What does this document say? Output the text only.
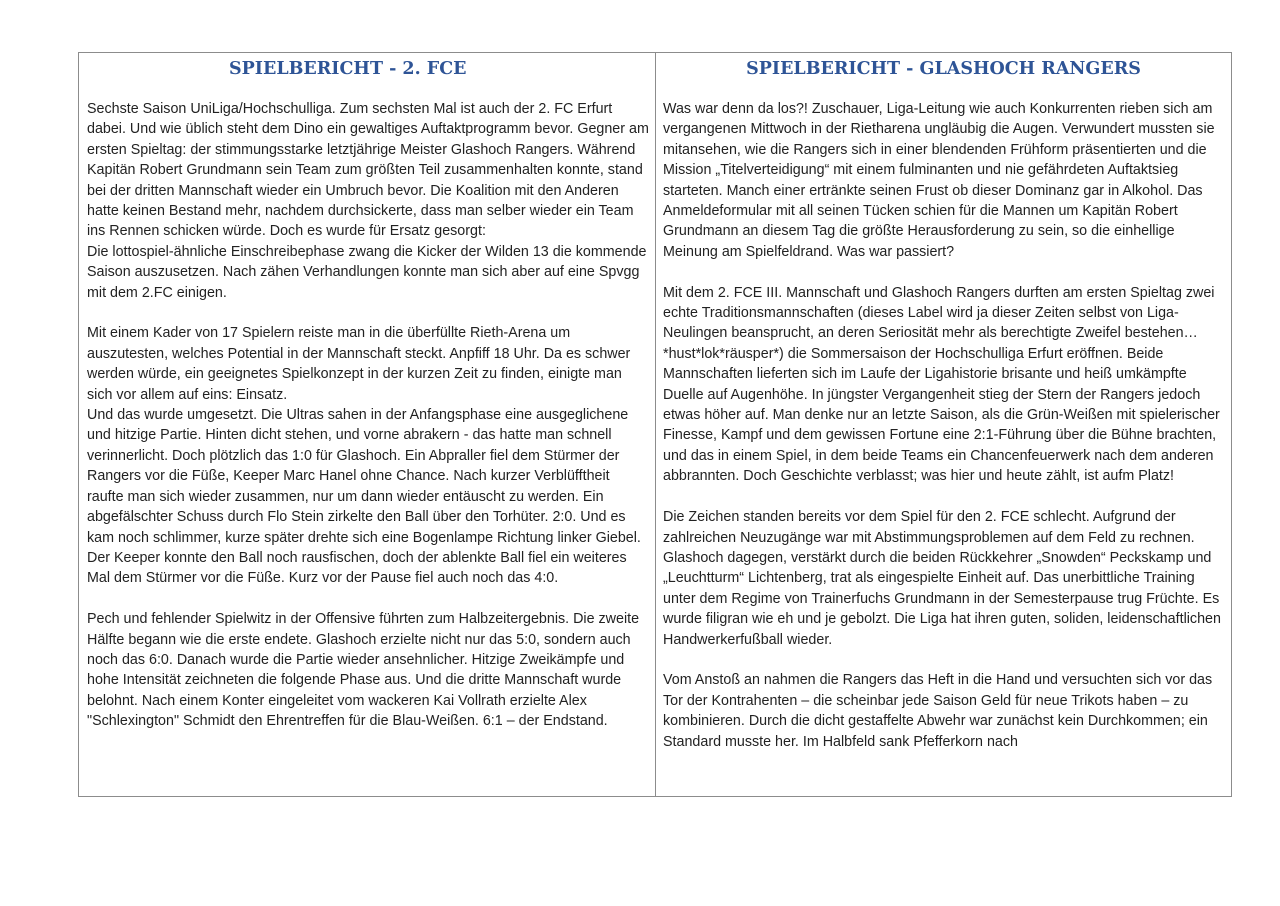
SPIELBERICHT - 2. FCE

Sechste Saison UniLiga/Hochschulliga. Zum sechsten Mal ist auch der 2. FC Erfurt dabei. Und wie üblich steht dem Dino ein gewaltiges Auftaktprogramm bevor. Gegner am ersten Spieltag: der stimmungsstarke letztjährige Meister Glashoch Rangers. Während Kapitän Robert Grundmann sein Team zum größten Teil zusammenhalten konnte, stand bei der dritten Mannschaft wieder ein Umbruch bevor. Die Koalition mit den Anderen hatte keinen Bestand mehr, nachdem durchsickerte, dass man selber wieder ein Team ins Rennen schicken würde. Doch es wurde für Ersatz gesorgt:

Die lottospiel-ähnliche Einschreibephase zwang die Kicker der Wilden 13 die kommende Saison auszusetzen. Nach zähen Verhandlungen konnte man sich aber auf eine Spvgg mit dem 2.FC einigen.

Mit einem Kader von 17 Spielern reiste man in die überfüllte Rieth-Arena um auszutesten, welches Potential in der Mannschaft steckt. Anpfiff 18 Uhr. Da es schwer werden würde, ein geeignetes Spielkonzept in der kurzen Zeit zu finden, einigte man sich vor allem auf eins: Einsatz.

Und das wurde umgesetzt. Die Ultras sahen in der Anfangsphase eine ausgeglichene und hitzige Partie. Hinten dicht stehen, und vorne abrakern - das hatte man schnell verinnerlicht. Doch plötzlich das 1:0 für Glashoch. Ein Abpraller fiel dem Stürmer der Rangers vor die Füße, Keeper Marc Hanel ohne Chance. Nach kurzer Verblüfftheit raufte man sich wieder zusammen, nur um dann wieder entäuscht zu werden. Ein abgefälschter Schuss durch Flo Stein zirkelte den Ball über den Torhüter. 2:0. Und es kam noch schlimmer, kurze später drehte sich eine Bogenlampe Richtung linker Giebel. Der Keeper konnte den Ball noch rausfischen, doch der ablenkte Ball fiel ein weiteres Mal dem Stürmer vor die Füße. Kurz vor der Pause fiel auch noch das 4:0.

Pech und fehlender Spielwitz in der Offensive führten zum Halbzeitergebnis. Die zweite Hälfte begann wie die erste endete. Glashoch erzielte nicht nur das 5:0, sondern auch noch das 6:0. Danach wurde die Partie wieder ansehnlicher. Hitzige Zweikämpfe und hohe Intensität zeichneten die folgende Phase aus. Und die dritte Mannschaft wurde belohnt. Nach einem Konter eingeleitet vom wackeren Kai Vollrath erzielte Alex "Schlexington" Schmidt den Ehrentreffen für die Blau-Weißen. 6:1 – der Endstand.

SPIELBERICHT - GLASHOCH RANGERS

Was war denn da los?! Zuschauer, Liga-Leitung wie auch Konkurrenten rieben sich am vergangenen Mittwoch in der Rietharena ungläubig die Augen. Verwundert mussten sie mitansehen, wie die Rangers sich in einer blendenden Frühform präsentierten und die Mission „Titelverteidigung“ mit einem fulminanten und nie gefährdeten Auftaktsieg starteten. Manch einer ertränkte seinen Frust ob dieser Dominanz gar in Alkohol. Das Anmeldeformular mit all seinen Tücken schien für die Mannen um Kapitän Robert Grundmann an diesem Tag die größte Herausforderung zu sein, so die einhellige Meinung am Spielfeldrand. Was war passiert?

Mit dem 2. FCE III. Mannschaft und Glashoch Rangers durften am ersten Spieltag zwei echte Traditionsmannschaften (dieses Label wird ja dieser Zeiten selbst von Liga-Neulingen beansprucht, an deren Seriosität mehr als berechtigte Zweifel bestehen… *hust*lok*räusper*) die Sommersaison der Hochschulliga Erfurt eröffnen. Beide Mannschaften lieferten sich im Laufe der Ligahistorie brisante und heiß umkämpfte Duelle auf Augenhöhe. In jüngster Vergangenheit stieg der Stern der Rangers jedoch etwas höher auf. Man denke nur an letzte Saison, als die Grün-Weißen mit spielerischer Finesse, Kampf und dem gewissen Fortune eine 2:1-Führung über die Bühne brachten, und das in einem Spiel, in dem beide Teams ein Chancenfeuerwerk nach dem anderen abbrannten. Doch Geschichte verblasst; was hier und heute zählt, ist aufm Platz!

Die Zeichen standen bereits vor dem Spiel für den 2. FCE schlecht. Aufgrund der zahlreichen Neuzugänge war mit Abstimmungsproblemen auf dem Feld zu rechnen. Glashoch dagegen, verstärkt durch die beiden Rückkehrer „Snowden“ Peckskamp und „Leuchtturm“ Lichtenberg, trat als eingespielte Einheit auf. Das unerbittliche Training unter dem Regime von Trainerfuchs Grundmann in der Semesterpause trug Früchte. Es wurde filigran wie eh und je gebolzt. Die Liga hat ihren guten, soliden, leidenschaftlichen Handwerkerfußball wieder.

Vom Anstoß an nahmen die Rangers das Heft in die Hand und versuchten sich vor das Tor der Kontrahenten – die scheinbar jede Saison Geld für neue Trikots haben – zu kombinieren. Durch die dicht gestaffelte Abwehr war zunächst kein Durchkommen; ein Standard musste her. Im Halbfeld sank Pfefferkorn nach
